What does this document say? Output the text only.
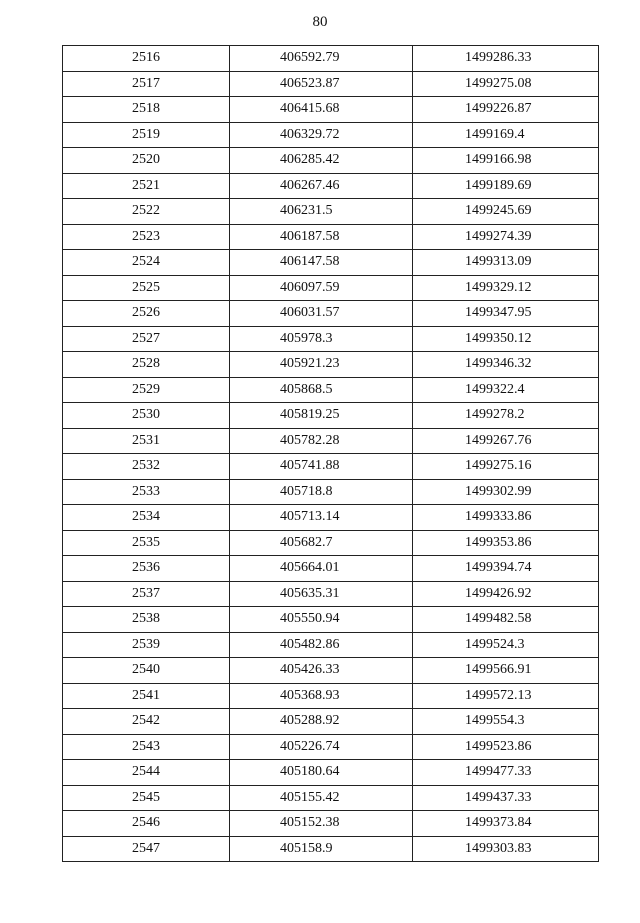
80
2516	406592.79	1499286.33
2517	406523.87	1499275.08
2518	406415.68	1499226.87
2519	406329.72	1499169.4
2520	406285.42	1499166.98
2521	406267.46	1499189.69
2522	406231.5	1499245.69
2523	406187.58	1499274.39
2524	406147.58	1499313.09
2525	406097.59	1499329.12
2526	406031.57	1499347.95
2527	405978.3	1499350.12
2528	405921.23	1499346.32
2529	405868.5	1499322.4
2530	405819.25	1499278.2
2531	405782.28	1499267.76
2532	405741.88	1499275.16
2533	405718.8	1499302.99
2534	405713.14	1499333.86
2535	405682.7	1499353.86
2536	405664.01	1499394.74
2537	405635.31	1499426.92
2538	405550.94	1499482.58
2539	405482.86	1499524.3
2540	405426.33	1499566.91
2541	405368.93	1499572.13
2542	405288.92	1499554.3
2543	405226.74	1499523.86
2544	405180.64	1499477.33
2545	405155.42	1499437.33
2546	405152.38	1499373.84
2547	405158.9	1499303.83
